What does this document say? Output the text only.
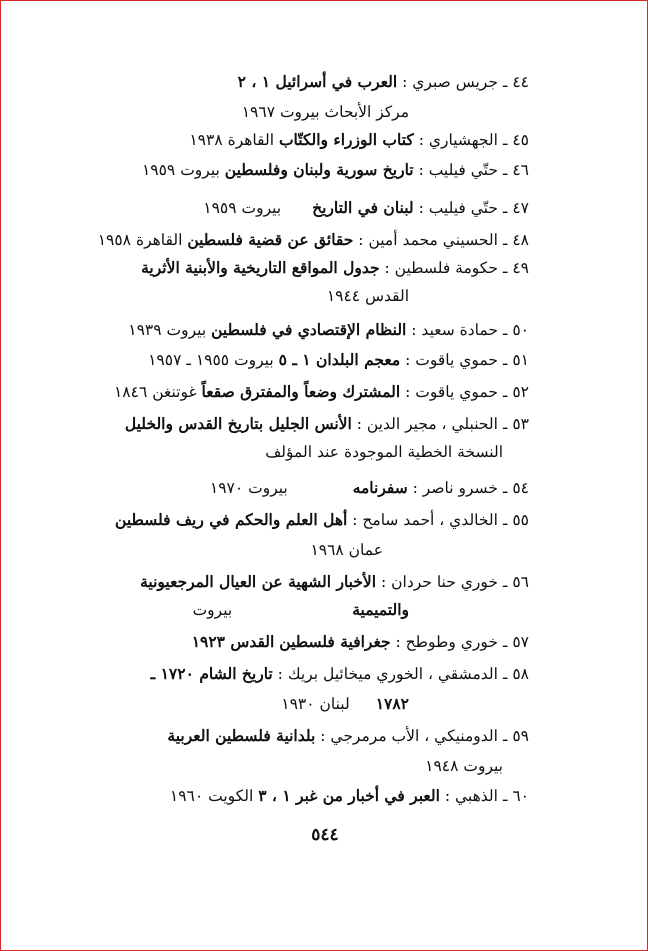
٤٤ ـ جريس صبري : العرب في أسرائيل ١ ، ٢
مركز الأبحاث بيروت ١٩٦٧
٤٥ ـ الجهشياري : كتاب الوزراء والكتّاب القاهرة ١٩٣٨
٤٦ ـ حتّي فيليب : تاريخ سورية ولبنان وفلسطين بيروت ١٩٥٩
٤٧ ـ حتّي فيليب : لبنان في التاريخ بيروت ١٩٥٩
٤٨ ـ الحسيني محمد أمين : حقائق عن قضية فلسطين القاهرة ١٩٥٨
٤٩ ـ حكومة فلسطين : جدول المواقع التاريخية والأبنية الأثرية
القدس ١٩٤٤
٥٠ ـ حمادة سعيد : النظام الإقتصادي في فلسطين بيروت ١٩٣٩
٥١ ـ حموي ياقوت : معجم البلدان ١ ـ ٥ بيروت ١٩٥٥ ـ ١٩٥٧
٥٢ ـ حموي ياقوت : المشترك وضعاً والمفترق صقعاً غوتنغن ١٨٤٦
٥٣ ـ الحنبلي ، مجير الدين : الأنس الجليل بتاريخ القدس والخليل
النسخة الخطية الموجودة عند المؤلف
٥٤ ـ خسرو ناصر : سفرنامه بيروت ١٩٧٠
٥٥ ـ الخالدي ، أحمد سامح : أهل العلم والحكم في ريف فلسطين
عمان ١٩٦٨
٥٦ ـ خوري حنا حردان : الأخبار الشهية عن العيال المرجعيونية
والتميميةبيروت
٥٧ ـ خوري وطوطح : جغرافية فلسطين القدس ١٩٢٣
٥٨ ـ الدمشقي ، الخوري ميخائيل بريك : تاريخ الشام ١٧٢٠ ـ
١٧٨٢لبنان ١٩٣٠
٥٩ ـ الدومنيكي ، الأب مرمرجي : بلدانية فلسطين العربية
بيروت ١٩٤٨
٦٠ ـ الذهبي : العبر في أخبار من غبر ١ ، ٣ الكويت ١٩٦٠
٥٤٤
